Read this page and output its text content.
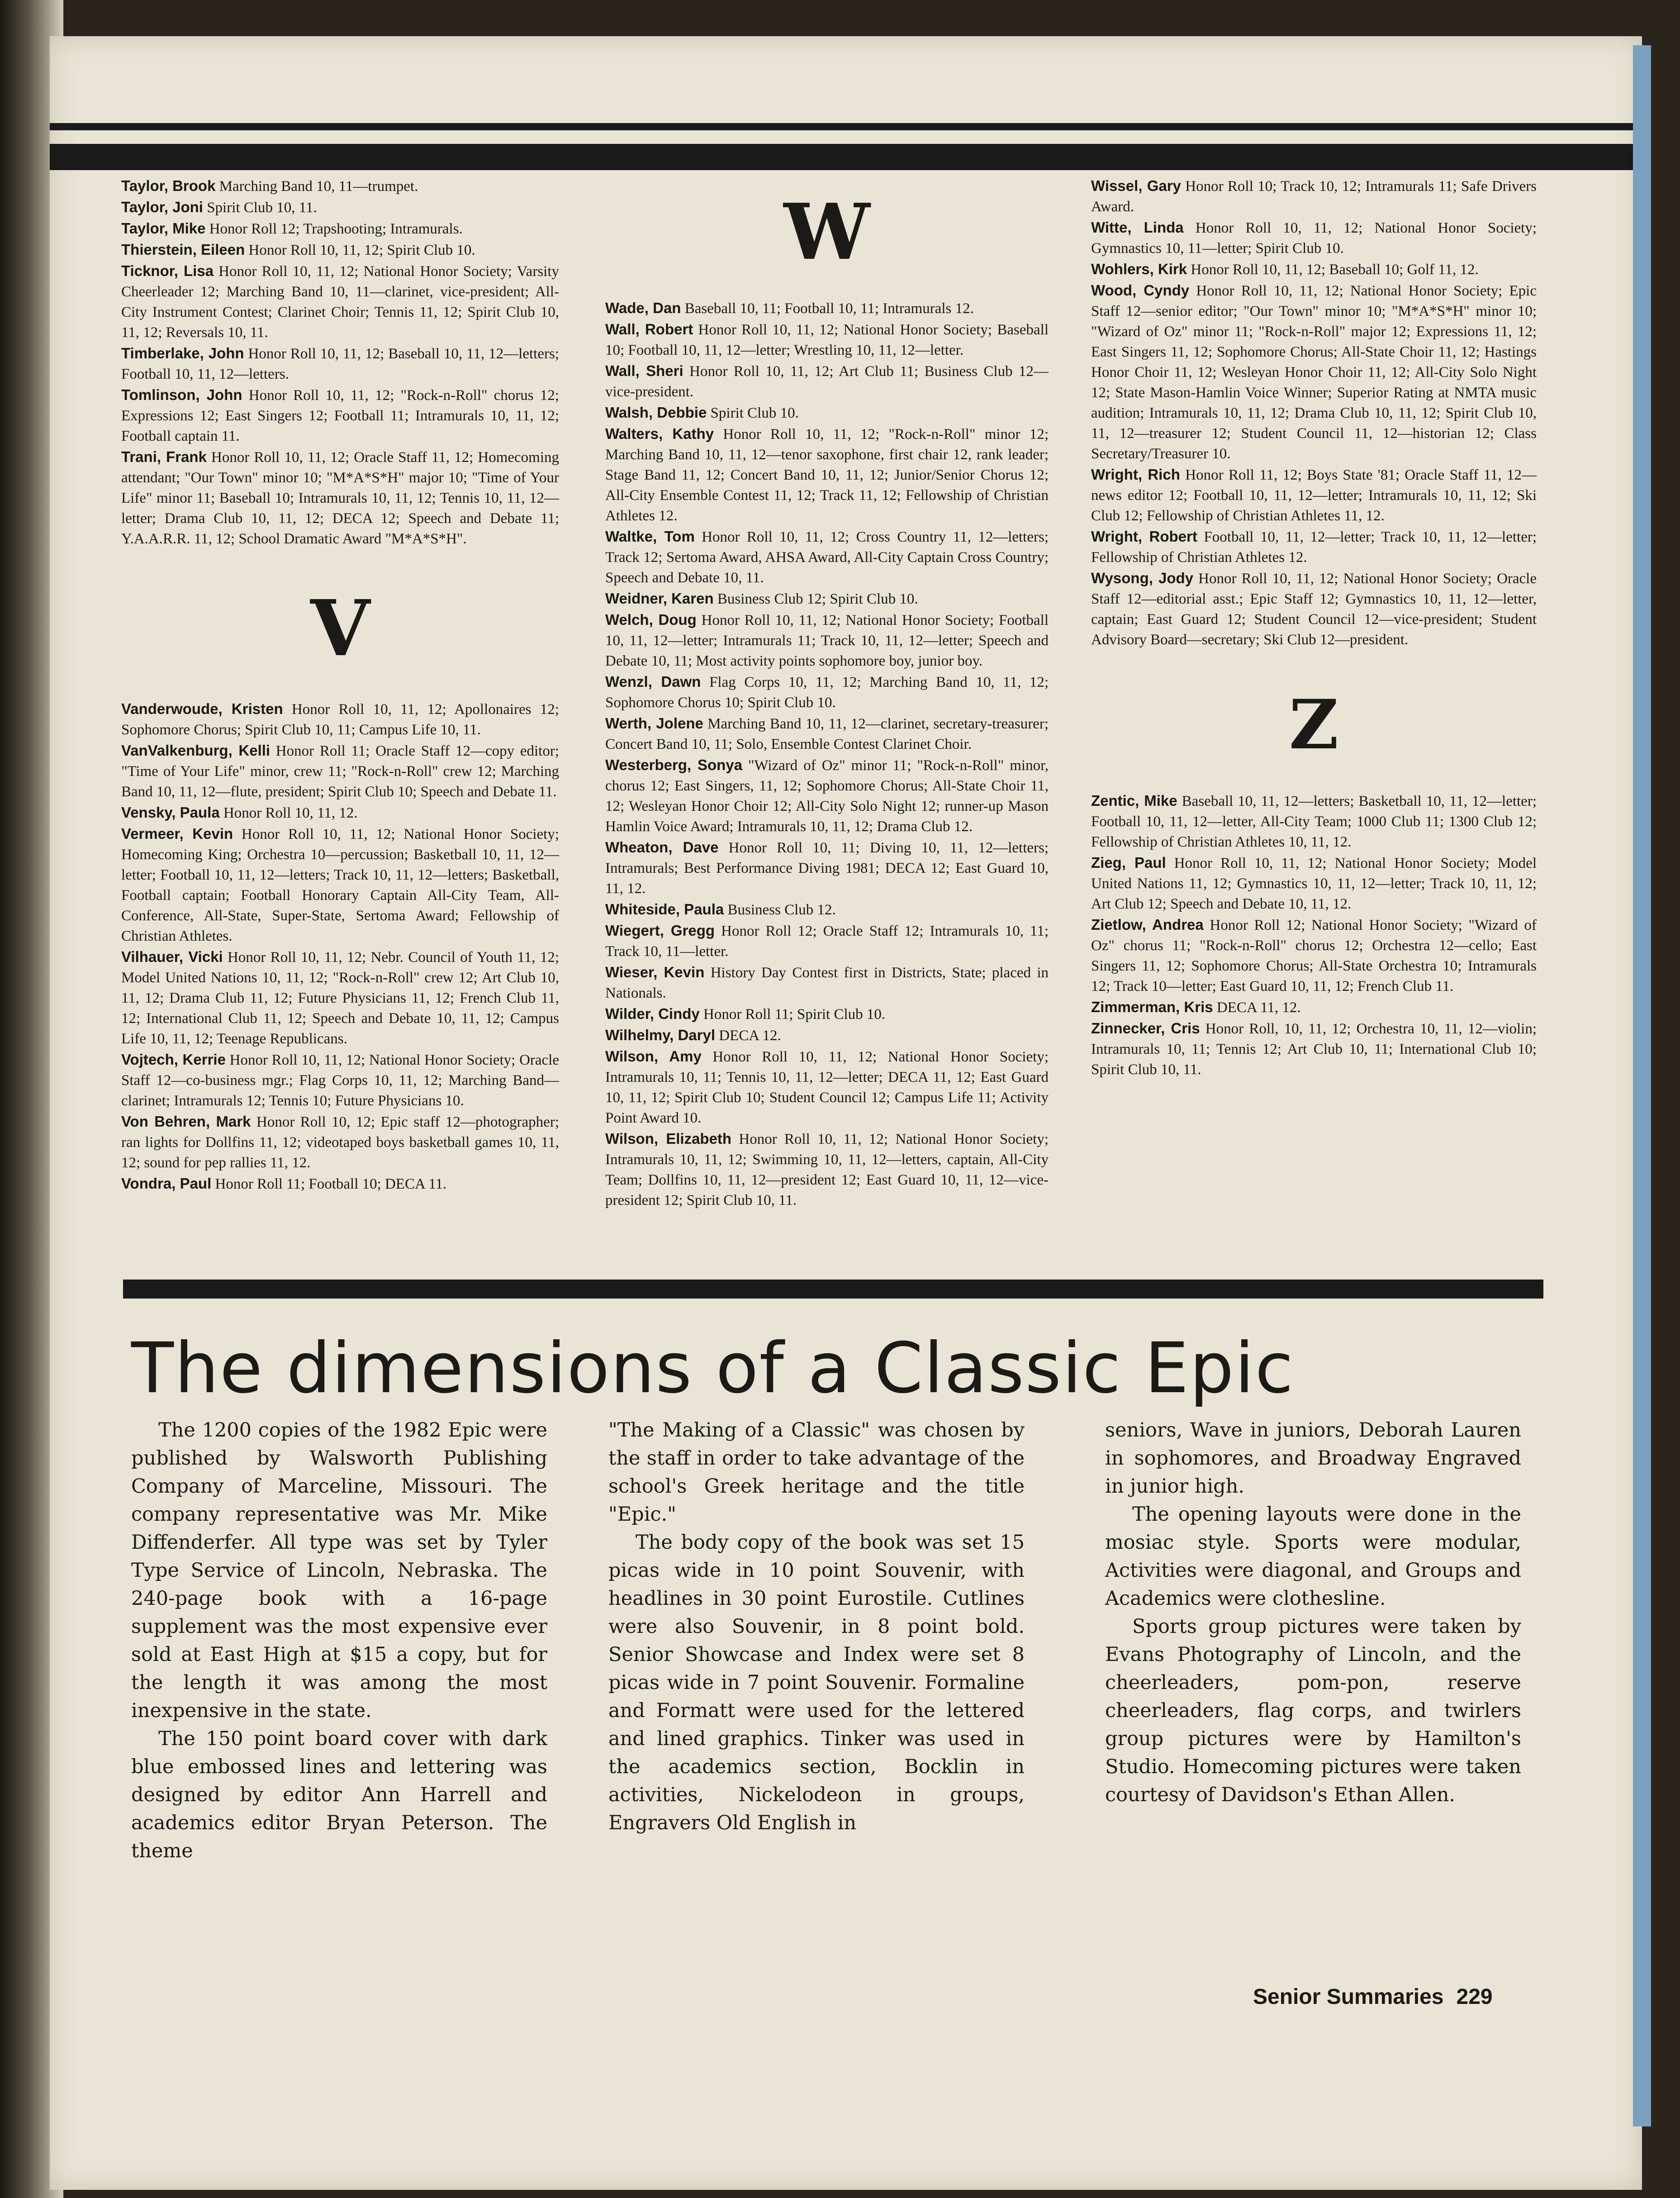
Taylor, Brook Marching Band 10, 11—trumpet.

Taylor, Joni Spirit Club 10, 11.

Taylor, Mike Honor Roll 12; Trapshooting; Intramurals.

Thierstein, Eileen Honor Roll 10, 11, 12; Spirit Club 10.

Ticknor, Lisa Honor Roll 10, 11, 12; National Honor Society; Varsity Cheerleader 12; Marching Band 10, 11—clarinet, vice-president; All-City Instrument Contest; Clarinet Choir; Tennis 11, 12; Spirit Club 10, 11, 12; Reversals 10, 11.

Timberlake, John Honor Roll 10, 11, 12; Baseball 10, 11, 12—letters; Football 10, 11, 12—letters.

Tomlinson, John Honor Roll 10, 11, 12; "Rock-n-Roll" chorus 12; Expressions 12; East Singers 12; Football 11; Intramurals 10, 11, 12; Football captain 11.

Trani, Frank Honor Roll 10, 11, 12; Oracle Staff 11, 12; Homecoming attendant; "Our Town" minor 10; "M*A*S*H" major 10; "Time of Your Life" minor 11; Baseball 10; Intramurals 10, 11, 12; Tennis 10, 11, 12—letter; Drama Club 10, 11, 12; DECA 12; Speech and Debate 11; Y.A.A.R.R. 11, 12; School Dramatic Award "M*A*S*H".

V

Vanderwoude, Kristen Honor Roll 10, 11, 12; Apollonaires 12; Sophomore Chorus; Spirit Club 10, 11; Campus Life 10, 11.

VanValkenburg, Kelli Honor Roll 11; Oracle Staff 12—copy editor; "Time of Your Life" minor, crew 11; "Rock-n-Roll" crew 12; Marching Band 10, 11, 12—flute, president; Spirit Club 10; Speech and Debate 11.

Vensky, Paula Honor Roll 10, 11, 12.

Vermeer, Kevin Honor Roll 10, 11, 12; National Honor Society; Homecoming King; Orchestra 10—percussion; Basketball 10, 11, 12—letter; Football 10, 11, 12—letters; Track 10, 11, 12—letters; Basketball, Football captain; Football Honorary Captain All-City Team, All-Conference, All-State, Super-State, Sertoma Award; Fellowship of Christian Athletes.

Vilhauer, Vicki Honor Roll 10, 11, 12; Nebr. Council of Youth 11, 12; Model United Nations 10, 11, 12; "Rock-n-Roll" crew 12; Art Club 10, 11, 12; Drama Club 11, 12; Future Physicians 11, 12; French Club 11, 12; International Club 11, 12; Speech and Debate 10, 11, 12; Campus Life 10, 11, 12; Teenage Republicans.

Vojtech, Kerrie Honor Roll 10, 11, 12; National Honor Society; Oracle Staff 12—co-business mgr.; Flag Corps 10, 11, 12; Marching Band—clarinet; Intramurals 12; Tennis 10; Future Physicians 10.

Von Behren, Mark Honor Roll 10, 12; Epic staff 12—photographer; ran lights for Dollfins 11, 12; videotaped boys basketball games 10, 11, 12; sound for pep rallies 11, 12.

Vondra, Paul Honor Roll 11; Football 10; DECA 11.

W

Wade, Dan Baseball 10, 11; Football 10, 11; Intramurals 12.

Wall, Robert Honor Roll 10, 11, 12; National Honor Society; Baseball 10; Football 10, 11, 12—letter; Wrestling 10, 11, 12—letter.

Wall, Sheri Honor Roll 10, 11, 12; Art Club 11; Business Club 12—vice-president.

Walsh, Debbie Spirit Club 10.

Walters, Kathy Honor Roll 10, 11, 12; "Rock-n-Roll" minor 12; Marching Band 10, 11, 12—tenor saxophone, first chair 12, rank leader; Stage Band 11, 12; Concert Band 10, 11, 12; Junior/Senior Chorus 12; All-City Ensemble Contest 11, 12; Track 11, 12; Fellowship of Christian Athletes 12.

Waltke, Tom Honor Roll 10, 11, 12; Cross Country 11, 12—letters; Track 12; Sertoma Award, AHSA Award, All-City Captain Cross Country; Speech and Debate 10, 11.

Weidner, Karen Business Club 12; Spirit Club 10.

Welch, Doug Honor Roll 10, 11, 12; National Honor Society; Football 10, 11, 12—letter; Intramurals 11; Track 10, 11, 12—letter; Speech and Debate 10, 11; Most activity points sophomore boy, junior boy.

Wenzl, Dawn Flag Corps 10, 11, 12; Marching Band 10, 11, 12; Sophomore Chorus 10; Spirit Club 10.

Werth, Jolene Marching Band 10, 11, 12—clarinet, secretary-treasurer; Concert Band 10, 11; Solo, Ensemble Contest Clarinet Choir.

Westerberg, Sonya "Wizard of Oz" minor 11; "Rock-n-Roll" minor, chorus 12; East Singers, 11, 12; Sophomore Chorus; All-State Choir 11, 12; Wesleyan Honor Choir 12; All-City Solo Night 12; runner-up Mason Hamlin Voice Award; Intramurals 10, 11, 12; Drama Club 12.

Wheaton, Dave Honor Roll 10, 11; Diving 10, 11, 12—letters; Intramurals; Best Performance Diving 1981; DECA 12; East Guard 10, 11, 12.

Whiteside, Paula Business Club 12.

Wiegert, Gregg Honor Roll 12; Oracle Staff 12; Intramurals 10, 11; Track 10, 11—letter.

Wieser, Kevin History Day Contest first in Districts, State; placed in Nationals.

Wilder, Cindy Honor Roll 11; Spirit Club 10.

Wilhelmy, Daryl DECA 12.

Wilson, Amy Honor Roll 10, 11, 12; National Honor Society; Intramurals 10, 11; Tennis 10, 11, 12—letter; DECA 11, 12; East Guard 10, 11, 12; Spirit Club 10; Student Council 12; Campus Life 11; Activity Point Award 10.

Wilson, Elizabeth Honor Roll 10, 11, 12; National Honor Society; Intramurals 10, 11, 12; Swimming 10, 11, 12—letters, captain, All-City Team; Dollfins 10, 11, 12—president 12; East Guard 10, 11, 12—vice-president 12; Spirit Club 10, 11.

Wissel, Gary Honor Roll 10; Track 10, 12; Intramurals 11; Safe Drivers Award.

Witte, Linda Honor Roll 10, 11, 12; National Honor Society; Gymnastics 10, 11—letter; Spirit Club 10.

Wohlers, Kirk Honor Roll 10, 11, 12; Baseball 10; Golf 11, 12.

Wood, Cyndy Honor Roll 10, 11, 12; National Honor Society; Epic Staff 12—senior editor; "Our Town" minor 10; "M*A*S*H" minor 10; "Wizard of Oz" minor 11; "Rock-n-Roll" major 12; Expressions 11, 12; East Singers 11, 12; Sophomore Chorus; All-State Choir 11, 12; Hastings Honor Choir 11, 12; Wesleyan Honor Choir 11, 12; All-City Solo Night 12; State Mason-Hamlin Voice Winner; Superior Rating at NMTA music audition; Intramurals 10, 11, 12; Drama Club 10, 11, 12; Spirit Club 10, 11, 12—treasurer 12; Student Council 11, 12—historian 12; Class Secretary/Treasurer 10.

Wright, Rich Honor Roll 11, 12; Boys State '81; Oracle Staff 11, 12—news editor 12; Football 10, 11, 12—letter; Intramurals 10, 11, 12; Ski Club 12; Fellowship of Christian Athletes 11, 12.

Wright, Robert Football 10, 11, 12—letter; Track 10, 11, 12—letter; Fellowship of Christian Athletes 12.

Wysong, Jody Honor Roll 10, 11, 12; National Honor Society; Oracle Staff 12—editorial asst.; Epic Staff 12; Gymnastics 10, 11, 12—letter, captain; East Guard 12; Student Council 12—vice-president; Student Advisory Board—secretary; Ski Club 12—president.

Z

Zentic, Mike Baseball 10, 11, 12—letters; Basketball 10, 11, 12—letter; Football 10, 11, 12—letter, All-City Team; 1000 Club 11; 1300 Club 12; Fellowship of Christian Athletes 10, 11, 12.

Zieg, Paul Honor Roll 10, 11, 12; National Honor Society; Model United Nations 11, 12; Gymnastics 10, 11, 12—letter; Track 10, 11, 12; Art Club 12; Speech and Debate 10, 11, 12.

Zietlow, Andrea Honor Roll 12; National Honor Society; "Wizard of Oz" chorus 11; "Rock-n-Roll" chorus 12; Orchestra 12—cello; East Singers 11, 12; Sophomore Chorus; All-State Orchestra 10; Intramurals 12; Track 10—letter; East Guard 10, 11, 12; French Club 11.

Zimmerman, Kris DECA 11, 12.

Zinnecker, Cris Honor Roll, 10, 11, 12; Orchestra 10, 11, 12—violin; Intramurals 10, 11; Tennis 12; Art Club 10, 11; International Club 10; Spirit Club 10, 11.

The dimensions of a Classic Epic

The 1200 copies of the 1982 Epic were published by Walsworth Publishing Company of Marceline, Missouri. The company representative was Mr. Mike Diffenderfer. All type was set by Tyler Type Service of Lincoln, Nebraska. The 240-page book with a 16-page supplement was the most expensive ever sold at East High at $15 a copy, but for the length it was among the most inexpensive in the state.

The 150 point board cover with dark blue embossed lines and lettering was designed by editor Ann Harrell and academics editor Bryan Peterson. The theme

"The Making of a Classic" was chosen by the staff in order to take advantage of the school's Greek heritage and the title "Epic."

The body copy of the book was set 15 picas wide in 10 point Souvenir, with headlines in 30 point Eurostile. Cutlines were also Souvenir, in 8 point bold. Senior Showcase and Index were set 8 picas wide in 7 point Souvenir. Formaline and Formatt were used for the lettered and lined graphics. Tinker was used in the academics section, Bocklin in activities, Nickelodeon in groups, Engravers Old English in

seniors, Wave in juniors, Deborah Lauren in sophomores, and Broadway Engraved in junior high.

The opening layouts were done in the mosiac style. Sports were modular, Activities were diagonal, and Groups and Academics were clothesline.

Sports group pictures were taken by Evans Photography of Lincoln, and the cheerleaders, pom-pon, reserve cheerleaders, flag corps, and twirlers group pictures were by Hamilton's Studio. Homecoming pictures were taken courtesy of Davidson's Ethan Allen.

Senior Summaries 229
